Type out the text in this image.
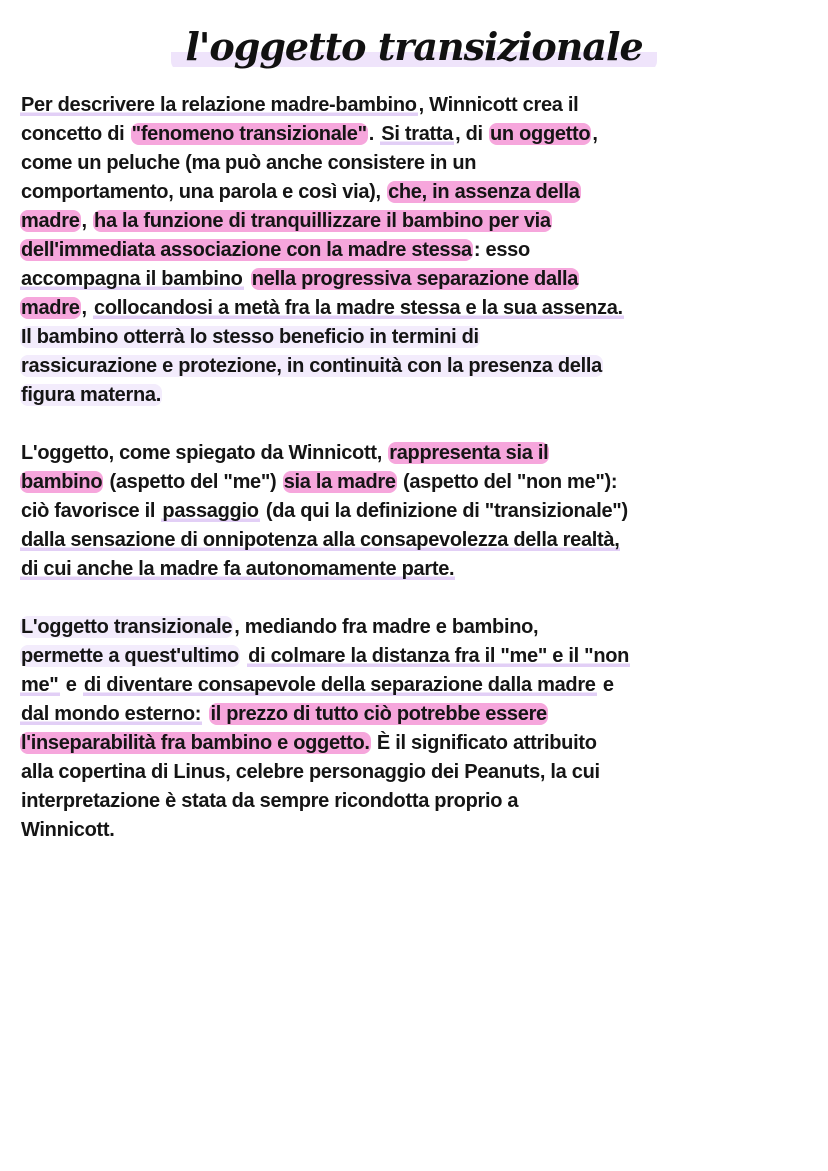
l'oggetto transizionale
Per descrivere la relazione madre-bambino , Winnicott crea il
concetto di "fenomeno transizionale" . Si tratta , di un oggetto ,
come un peluche (ma può anche consistere in un
comportamento, una parola e così via), che, in assenza della
madre , ha la funzione di tranquillizzare il bambino per via
dell'immediata associazione con la madre stessa : esso
accompagna il bambino nella progressiva separazione dalla
madre , collocandosi a metà fra la madre stessa e la sua assenza.
Il bambino otterrà lo stesso beneficio in termini di
rassicurazione e protezione, in continuità con la presenza della
figura materna.
L'oggetto, come spiegato da Winnicott, rappresenta sia il
bambino (aspetto del "me") sia la madre (aspetto del "non me"):
ciò favorisce il passaggio (da qui la definizione di "transizionale")
dalla sensazione di onnipotenza alla consapevolezza della realtà,
di cui anche la madre fa autonomamente parte.
L'oggetto transizionale , mediando fra madre e bambino,
permette a quest'ultimo di colmare la distanza fra il "me" e il "non
me" e di diventare consapevole della separazione dalla madre e
dal mondo esterno: il prezzo di tutto ciò potrebbe essere
l'inseparabilità fra bambino e oggetto. È il significato attribuito
alla copertina di Linus, celebre personaggio dei Peanuts, la cui
interpretazione è stata da sempre ricondotta proprio a
Winnicott.
